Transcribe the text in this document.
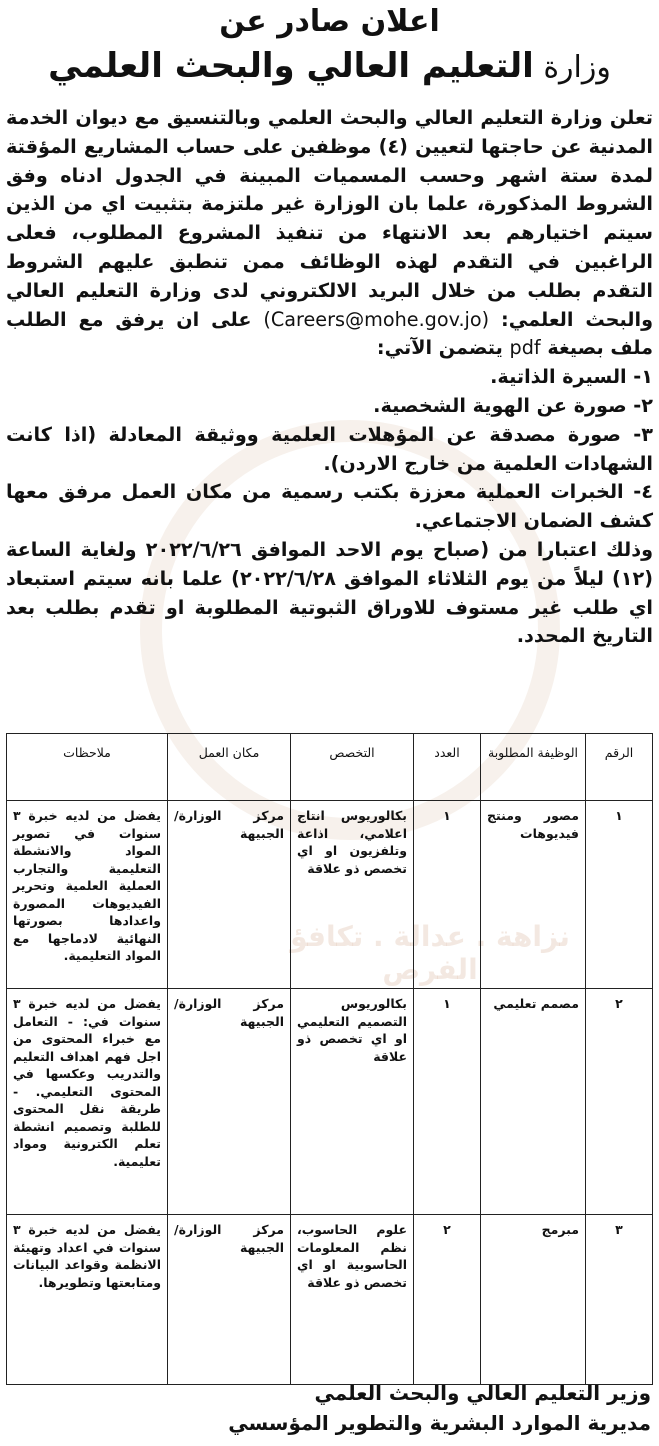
نزاهة . عدالة . تكافؤ الفرص
اعلان صادر عن
وزارة التعليم العالي والبحث العلمي

تعلن وزارة التعليم العالي والبحث العلمي وبالتنسيق مع ديوان الخدمة المدنية عن حاجتها لتعيين (٤) موظفين على حساب المشاريع المؤقتة لمدة ستة اشهر وحسب المسميات المبينة في الجدول ادناه وفق الشروط المذكورة، علما بان الوزارة غير ملتزمة بتثبيت اي من الذين سيتم اختيارهم بعد الانتهاء من تنفيذ المشروع المطلوب، فعلى الراغبين في التقدم لهذه الوظائف ممن تنطبق عليهم الشروط التقدم بطلب من خلال البريد الالكتروني لدى وزارة التعليم العالي والبحث العلمي: (Careers@mohe.gov.jo) على ان يرفق مع الطلب ملف بصيغة pdf يتضمن الآتي:

١- السيرة الذاتية.

٢- صورة عن الهوية الشخصية.

٣- صورة مصدقة عن المؤهلات العلمية ووثيقة المعادلة (اذا كانت الشهادات العلمية من خارج الاردن).

٤- الخبرات العملية معززة بكتب رسمية من مكان العمل مرفق معها كشف الضمان الاجتماعي.

وذلك اعتبارا من (صباح يوم الاحد الموافق ٢٠٢٢/٦/٢٦ ولغاية الساعة (١٢) ليلاً من يوم الثلاثاء الموافق ٢٠٢٢/٦/٢٨) علما بانه سيتم استبعاد اي طلب غير مستوف للاوراق الثبوتية المطلوبة او تقدم بطلب بعد التاريخ المحدد.

الرقم	الوظيفة المطلوبة	العدد	التخصص	مكان العمل	ملاحظات
١	مصور ومنتج فيديوهات	١	بكالوريوس انتاج اعلامي، اذاعة وتلفزيون او اي تخصص ذو علاقة	مركز الوزارة/ الجبيهة	يفضل من لديه خبرة ٣ سنوات في تصوير المواد والانشطة التعليمية والتجارب العملية العلمية وتحرير الفيديوهات المصورة واعدادها بصورتها النهائية لادماجها مع المواد التعليمية.
٢	مصمم تعليمي	١	بكالوريوس التصميم التعليمي او اي تخصص ذو علاقة	مركز الوزارة/ الجبيهة	يفضل من لديه خبرة ٣ سنوات في: - التعامل مع خبراء المحتوى من اجل فهم اهداف التعليم والتدريب وعكسها في المحتوى التعليمي. - طريقة نقل المحتوى للطلبة وتصميم انشطة تعلم الكترونية ومواد تعليمية.
٣	مبرمج	٢	علوم الحاسوب، نظم المعلومات الحاسوبية او اي تخصص ذو علاقة	مركز الوزارة/ الجبيهة	يفضل من لديه خبرة ٣ سنوات في اعداد وتهيئة الانظمة وقواعد البيانات ومتابعتها وتطويرها.
وزير التعليم العالي والبحث العلمي
مديرية الموارد البشرية والتطوير المؤسسي
